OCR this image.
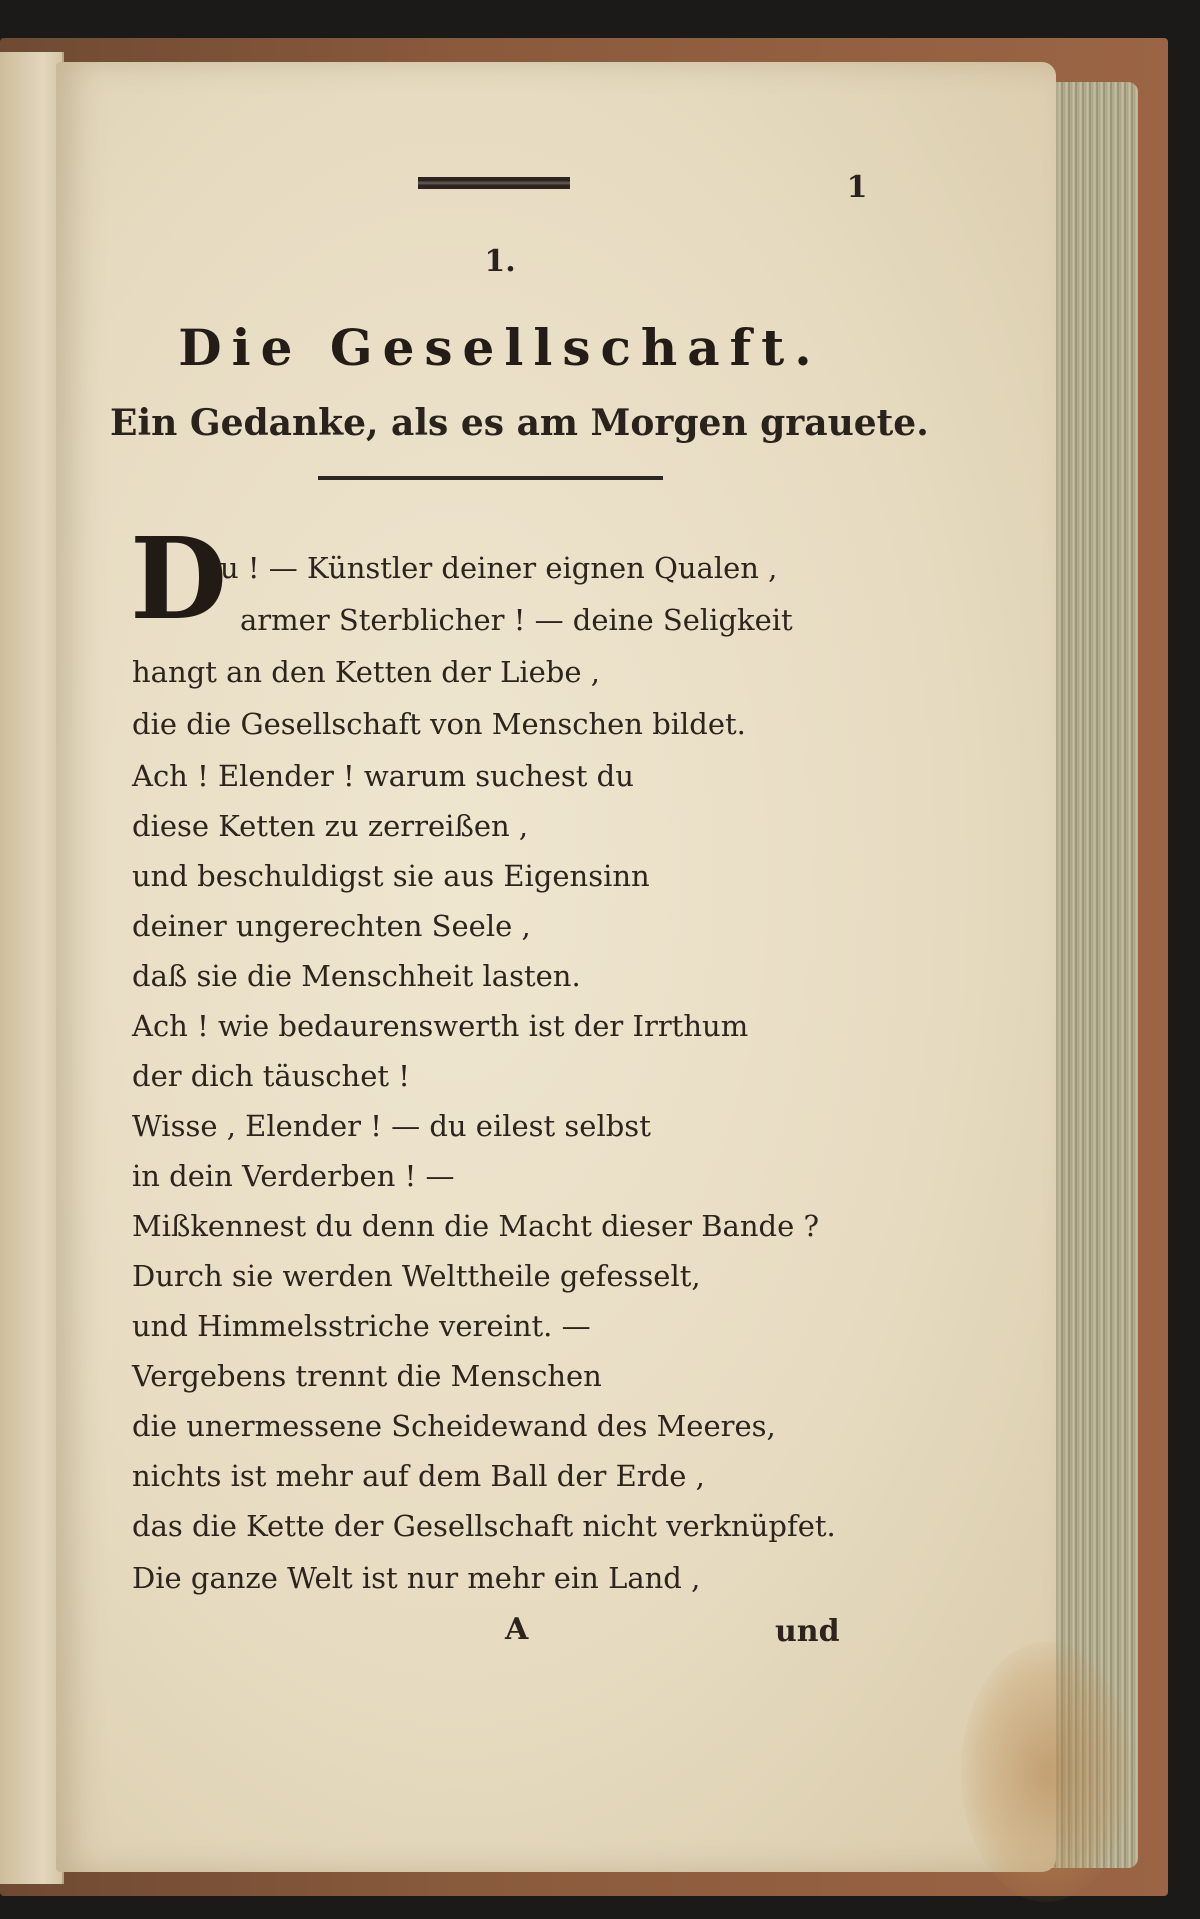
1
1.
Die Gesellschaft.
Ein Gedanke, als es am Morgen grauete.
D
u ! — Künstler deiner eignen Qualen ,
armer Sterblicher ! — deine Seligkeit
hangt an den Ketten der Liebe ,
die die Gesellschaft von Menschen bildet.
Ach ! Elender ! warum suchest du
diese Ketten zu zerreißen ,
und beschuldigst sie aus Eigensinn
deiner ungerechten Seele ,
daß sie die Menschheit lasten.
Ach ! wie bedaurenswerth ist der Irrthum
der dich täuschet !
Wisse , Elender ! — du eilest selbst
in dein Verderben ! —
Mißkennest du denn die Macht dieser Bande ?
Durch sie werden Welttheile gefesselt,
und Himmelsstriche vereint. —
Vergebens trennt die Menschen
die unermessene Scheidewand des Meeres,
nichts ist mehr auf dem Ball der Erde ,
das die Kette der Gesellschaft nicht verknüpfet.
Die ganze Welt ist nur mehr ein Land ,
A	und
